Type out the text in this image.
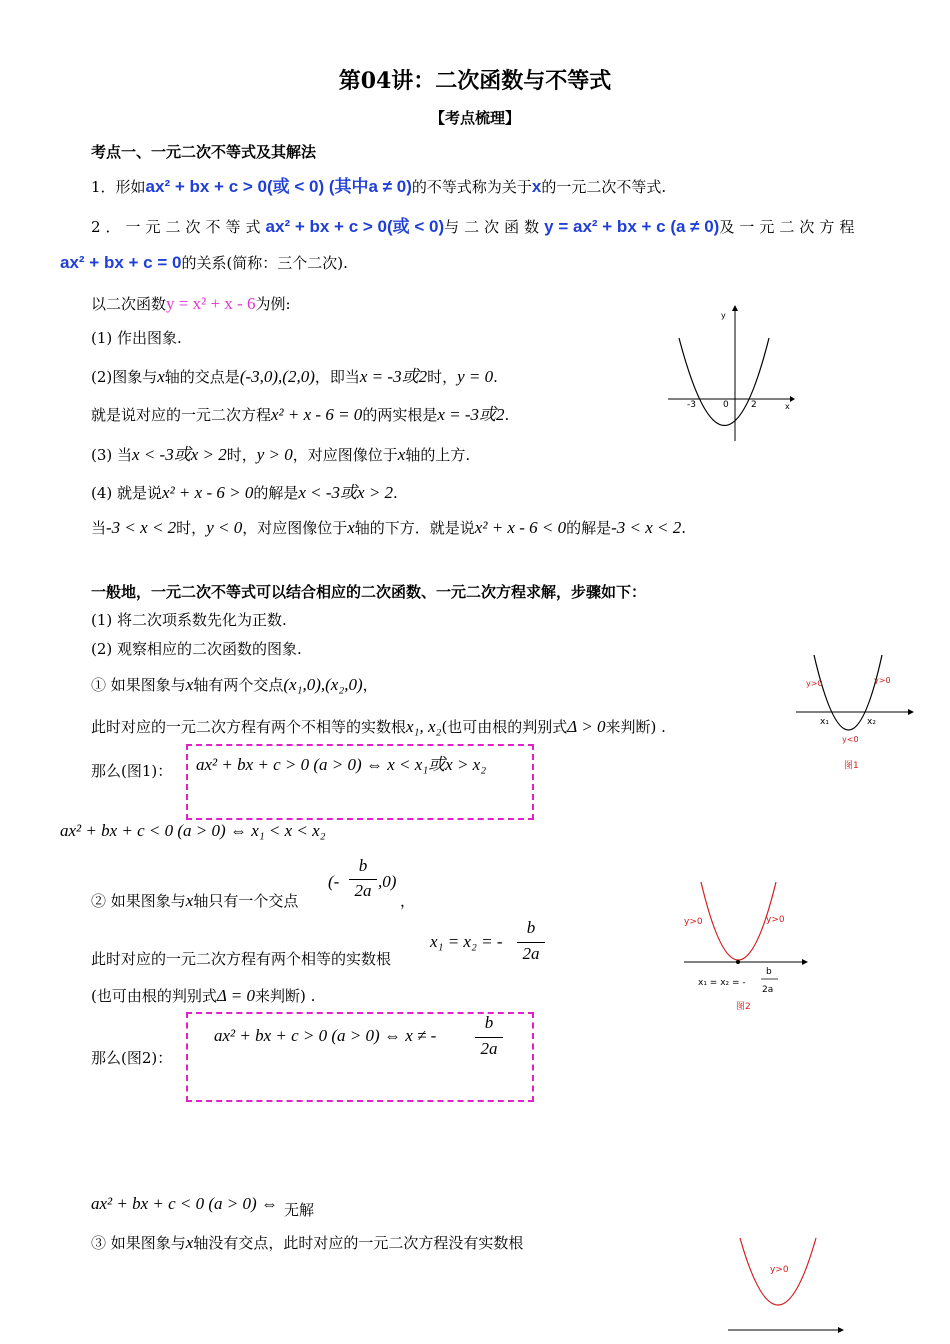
第04讲：二次函数与不等式
【考点梳理】
考点一、一元二次不等式及其解法
1．形如ax² + bx + c > 0(或 < 0) (其中a ≠ 0)的不等式称为关于x的一元二次不等式.
2．一元二次不等式ax² + bx + c > 0(或 < 0)与二次函数y = ax² + bx + c (a ≠ 0)及一元二次方程
ax² + bx + c = 0的关系(简称：三个二次).
以二次函数y = x² + x - 6为例:
(1) 作出图象.
(2)图象与x轴的交点是(-3,0),(2,0)，即当x = -3或2时，y = 0.
就是说对应的一元二次方程x² + x - 6 = 0的两实根是x = -3或2.
(3) 当x < -3或x > 2时，y > 0，对应图像位于x轴的上方.
(4) 就是说x² + x - 6 > 0的解是x < -3或x > 2.
当-3 < x < 2时，y < 0，对应图像位于x轴的下方．就是说x² + x - 6 < 0的解是-3 < x < 2.
y
x
-3	0 2
一般地，一元二次不等式可以结合相应的二次函数、一元二次方程求解，步骤如下：
(1) 将二次项系数先化为正数.
(2) 观察相应的二次函数的图象.
① 如果图象与x轴有两个交点(x₁,0),(x₂,0)，
此时对应的一元二次方程有两个不相等的实数根x₁, x₂(也可由根的判别式Δ > 0来判断) .
那么(图1)： ax² + bx + c > 0 (a > 0) ⇔ x < x₁或x > x₂
ax² + bx + c < 0 (a > 0) ⇔ x₁ < x < x₂
y>0	y>0
y<0
x₁	x₂
图1
② 如果图象与x轴只有一个交点
(-
b
2a ,0)
，
此时对应的一元二次方程有两个相等的实数根
x₁ = x₂ = -
b
2a
(也可由根的判别式Δ = 0来判断) .
那么(图2)：
ax² + bx + c > 0 (a > 0) ⇔ x ≠ -
b
2a
ax² + bx + c < 0 (a > 0) ⇔ 无解
y>0	y>0
x₁ = x₂ = -
b
2a
图2
③ 如果图象与x轴没有交点，此时对应的一元二次方程没有实数根
y>0
